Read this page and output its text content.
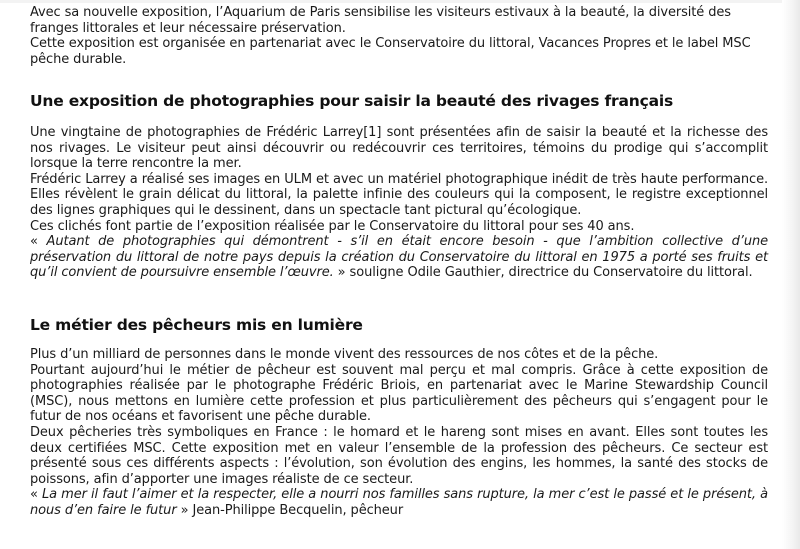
Avec sa nouvelle exposition, l’Aquarium de Paris sensibilise les visiteurs estivaux à la beauté, la diversité des franges littorales et leur nécessaire préservation.

Cette exposition est organisée en partenariat avec le Conservatoire du littoral, Vacances Propres et le label MSC pêche durable.

Une exposition de photographies pour saisir la beauté des rivages français

Une vingtaine de photographies de Frédéric Larrey[1] sont présentées afin de saisir la beauté et la richesse des nos rivages. Le visiteur peut ainsi découvrir ou redécouvrir ces territoires, témoins du prodige qui s’accomplit lorsque la terre rencontre la mer.

Frédéric Larrey a réalisé ses images en ULM et avec un matériel photographique inédit de très haute performance. Elles révèlent le grain délicat du littoral, la palette infinie des couleurs qui la composent, le registre exceptionnel des lignes graphiques qui le dessinent, dans un spectacle tant pictural qu’écologique.

Ces clichés font partie de l’exposition réalisée par le Conservatoire du littoral pour ses 40 ans.

« Autant de photographies qui démontrent - s’il en était encore besoin - que l’ambition collective d’une préservation du littoral de notre pays depuis la création du Conservatoire du littoral en 1975 a porté ses fruits et qu’il convient de poursuivre ensemble l’œuvre. » souligne Odile Gauthier, directrice du Conservatoire du littoral.

Le métier des pêcheurs mis en lumière

Plus d’un milliard de personnes dans le monde vivent des ressources de nos côtes et de la pêche.

Pourtant aujourd’hui le métier de pêcheur est souvent mal perçu et mal compris. Grâce à cette exposition de photographies réalisée par le photographe Frédéric Briois, en partenariat avec le Marine Stewardship Council (MSC), nous mettons en lumière cette profession et plus particulièrement des pêcheurs qui s’engagent pour le futur de nos océans et favorisent une pêche durable.

Deux pêcheries très symboliques en France : le homard et le hareng sont mises en avant. Elles sont toutes les deux certifiées MSC. Cette exposition met en valeur l’ensemble de la profession des pêcheurs. Ce secteur est présenté sous ces différents aspects : l’évolution, son évolution des engins, les hommes, la santé des stocks de poissons, afin d’apporter une images réaliste de ce secteur.

« La mer il faut l’aimer et la respecter, elle a nourri nos familles sans rupture, la mer c’est le passé et le présent, à nous d’en faire le futur » Jean-Philippe Becquelin, pêcheur
